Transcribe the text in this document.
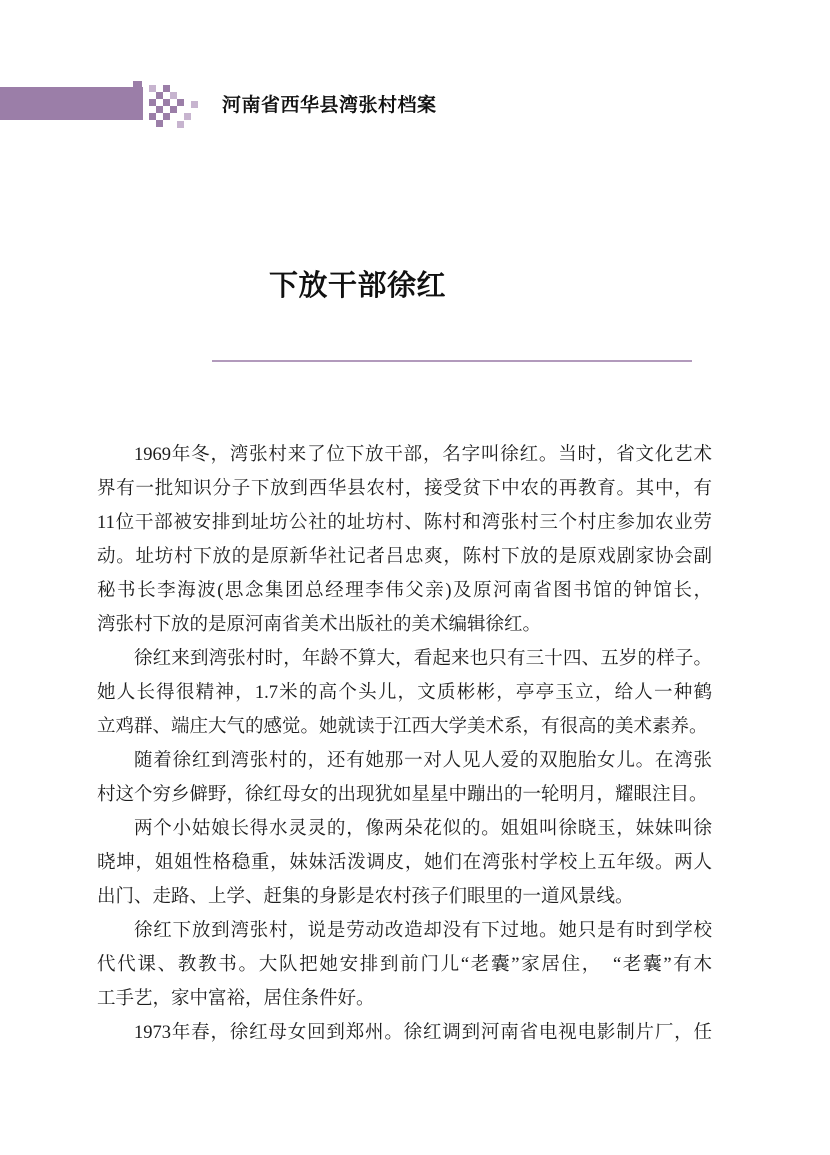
河南省西华县湾张村档案
下放干部徐红
1969年冬，湾张村来了位下放干部，名字叫徐红。当时，省文化艺术
界有一批知识分子下放到西华县农村，接受贫下中农的再教育。其中，有
11位干部被安排到址坊公社的址坊村、陈村和湾张村三个村庄参加农业劳
动。址坊村下放的是原新华社记者吕忠爽，陈村下放的是原戏剧家协会副
秘书长李海波(思念集团总经理李伟父亲)及原河南省图书馆的钟馆长，
湾张村下放的是原河南省美术出版社的美术编辑徐红。
徐红来到湾张村时，年龄不算大，看起来也只有三十四、五岁的样子。
她人长得很精神，1.7米的高个头儿，文质彬彬，亭亭玉立，给人一种鹤
立鸡群、端庄大气的感觉。她就读于江西大学美术系，有很高的美术素养。
随着徐红到湾张村的，还有她那一对人见人爱的双胞胎女儿。在湾张
村这个穷乡僻野，徐红母女的出现犹如星星中蹦出的一轮明月，耀眼注目。
两个小姑娘长得水灵灵的，像两朵花似的。姐姐叫徐晓玉，妹妹叫徐
晓坤，姐姐性格稳重，妹妹活泼调皮，她们在湾张村学校上五年级。两人
出门、走路、上学、赶集的身影是农村孩子们眼里的一道风景线。
徐红下放到湾张村，说是劳动改造却没有下过地。她只是有时到学校
代代课、教教书。大队把她安排到前门儿“老囊”家居住，　“老囊”有木
工手艺，家中富裕，居住条件好。
1973年春，徐红母女回到郑州。徐红调到河南省电视电影制片厂，任
